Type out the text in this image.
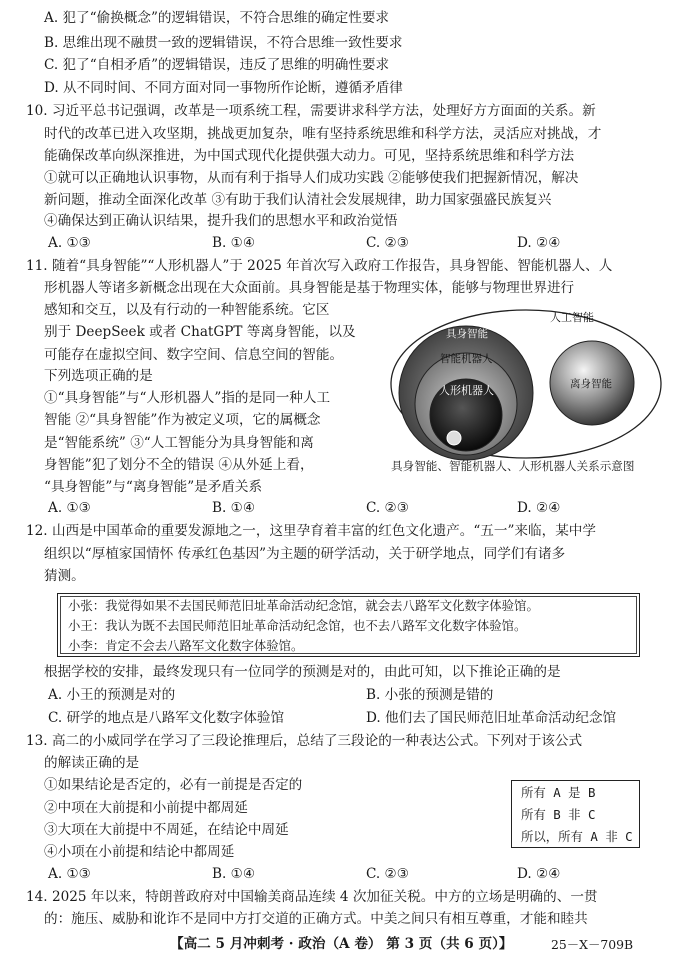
A. 犯了“偷换概念”的逻辑错误，不符合思维的确定性要求
B. 思维出现不融贯一致的逻辑错误，不符合思维一致性要求
C. 犯了“自相矛盾”的逻辑错误，违反了思维的明确性要求
D. 从不同时间、不同方面对同一事物所作论断，遵循矛盾律
10. 习近平总书记强调，改革是一项系统工程，需要讲求科学方法，处理好方方面面的关系。新
时代的改革已进入攻坚期，挑战更加复杂，唯有坚持系统思维和科学方法，灵活应对挑战，才
能确保改革向纵深推进，为中国式现代化提供强大动力。可见，坚持系统思维和科学方法
①就可以正确地认识事物，从而有利于指导人们成功实践 ②能够使我们把握新情况，解决
新问题，推动全面深化改革 ③有助于我们认清社会发展规律，助力国家强盛民族复兴
④确保达到正确认识结果，提升我们的思想水平和政治觉悟
A. ①③	B. ①④	C. ②③	D. ②④
11. 随着“具身智能”“人形机器人”于 2025 年首次写入政府工作报告，具身智能、智能机器人、人
形机器人等诸多新概念出现在大众面前。具身智能是基于物理实体，能够与物理世界进行
感知和交互，以及有行动的一种智能系统。它区
别于 DeepSeek 或者 ChatGPT 等离身智能，以及
可能存在虚拟空间、数字空间、信息空间的智能。
下列选项正确的是
①“具身智能”与“人形机器人”指的是同一种人工
智能 ②“具身智能”作为被定义项，它的属概念
是“智能系统” ③“人工智能分为具身智能和离
身智能”犯了划分不全的错误 ④从外延上看，
“具身智能”与“离身智能”是矛盾关系
人工智能
具身智能
智能机器人
人形机器人	离身智能
具身智能、智能机器人、人形机器人关系示意图
A. ①③	B. ①④	C. ②③	D. ②④
12. 山西是中国革命的重要发源地之一，这里孕育着丰富的红色文化遗产。“五一”来临，某中学
组织以“厚植家国情怀 传承红色基因”为主题的研学活动，关于研学地点，同学们有诸多
猜测。
小张：我觉得如果不去国民师范旧址革命活动纪念馆，就会去八路军文化数字体验馆。
小王：我认为既不去国民师范旧址革命活动纪念馆，也不去八路军文化数字体验馆。
小李：肯定不会去八路军文化数字体验馆。
根据学校的安排，最终发现只有一位同学的预测是对的，由此可知，以下推论正确的是
A. 小王的预测是对的	B. 小张的预测是错的
C. 研学的地点是八路军文化数字体验馆	D. 他们去了国民师范旧址革命活动纪念馆
13. 高二的小威同学在学习了三段论推理后，总结了三段论的一种表达公式。下列对于该公式
的解读正确的是
①如果结论是否定的，必有一前提是否定的
②中项在大前提和小前提中都周延
③大项在大前提中不周延，在结论中周延
④小项在小前提和结论中都周延
所有 A 是 B
所有 B 非 C
所以，所有 A 非 C
A. ①③	B. ①④	C. ②③	D. ②④
14. 2025 年以来，特朗普政府对中国输美商品连续 4 次加征关税。中方的立场是明确的、一贯
的：施压、威胁和讹诈不是同中方打交道的正确方式。中美之间只有相互尊重，才能和睦共
【高二 5 月冲刺考 · 政治（A 卷） 第 3 页（共 6 页）】	25－X－709B
